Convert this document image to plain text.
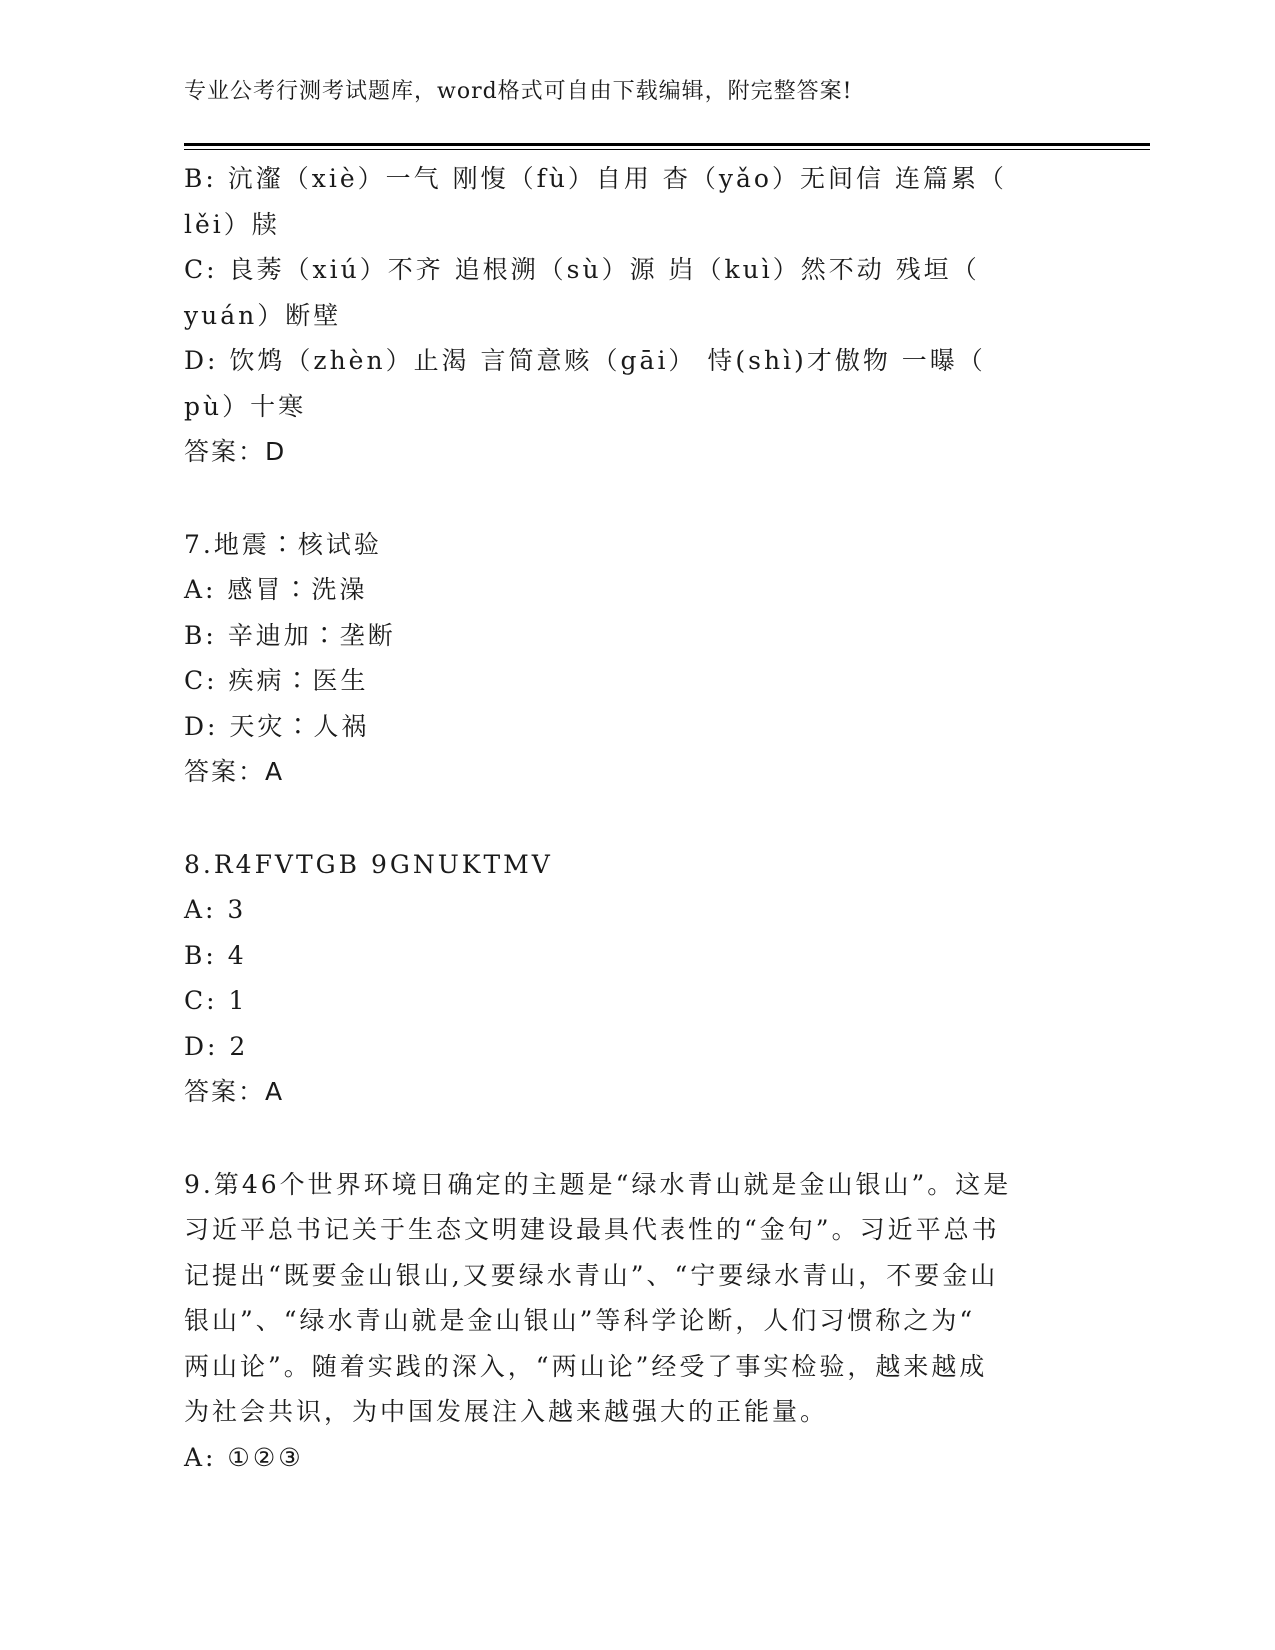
专业公考行测考试题库，word格式可自由下载编辑，附完整答案!
B: 沆瀣（xiè）一气 刚愎（fù）自用 杳（yǎo）无间信 连篇累（
lěi）牍
C: 良莠（xiú）不齐 追根溯（sù）源 岿（kuì）然不动 残垣（
yuán）断壁
D: 饮鸩（zhèn）止渴 言简意赅（gāi） 恃(shì)才傲物 一曝（
pù）十寒
答案：D
7.地震∶核试验
A: 感冒∶洗澡
B: 辛迪加∶垄断
C: 疾病∶医生
D: 天灾∶人祸
答案：A
8.R4FVTGB 9GNUKTMV
A: 3
B: 4
C: 1
D: 2
答案：A
9.第46个世界环境日确定的主题是“绿水青山就是金山银山”。这是
习近平总书记关于生态文明建设最具代表性的“金句”。习近平总书
记提出“既要金山银山,又要绿水青山”、“宁要绿水青山，不要金山
银山”、“绿水青山就是金山银山”等科学论断，人们习惯称之为“
两山论”。随着实践的深入，“两山论”经受了事实检验，越来越成
为社会共识，为中国发展注入越来越强大的正能量。
A: ①②③
